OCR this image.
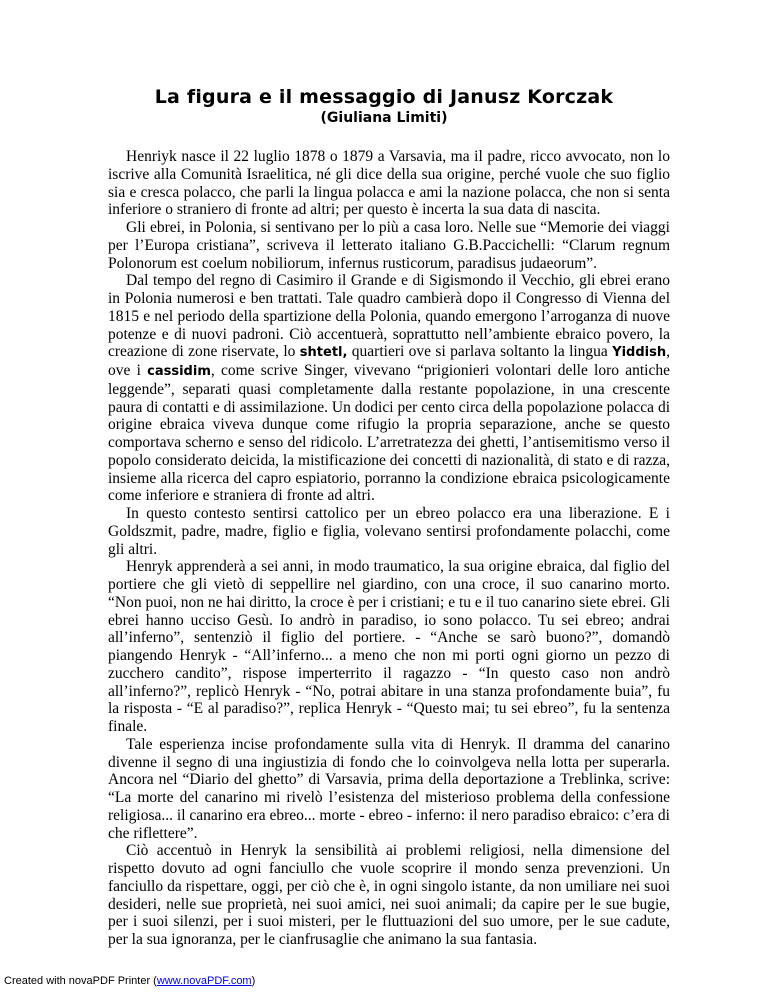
La figura e il messaggio di Janusz Korczak
(Giuliana Limiti)

Henriyk nasce il 22 luglio 1878 o 1879 a Varsavia, ma il padre, ricco avvocato, non lo iscrive alla Comunità Israelitica, né gli dice della sua origine, perché vuole che suo figlio sia e cresca polacco, che parli la lingua polacca e ami la nazione polacca, che non si senta inferiore o straniero di fronte ad altri; per questo è incerta la sua data di nascita.

Gli ebrei, in Polonia, si sentivano per lo più a casa loro. Nelle sue “Memorie dei viaggi per l’Europa cristiana”, scriveva il letterato italiano G.B.Paccichelli: “Clarum regnum Polonorum est coelum nobiliorum, infernus rusticorum, paradisus judaeorum”.

Dal tempo del regno di Casimiro il Grande e di Sigismondo il Vecchio, gli ebrei erano in Polonia numerosi e ben trattati. Tale quadro cambierà dopo il Congresso di Vienna del 1815 e nel periodo della spartizione della Polonia, quando emergono l’arroganza di nuove potenze e di nuovi padroni. Ciò accentuerà, soprattutto nell’ambiente ebraico povero, la creazione di zone riservate, lo shtetl, quartieri ove si parlava soltanto la lingua Yiddish, ove i cassidim, come scrive Singer, vivevano “prigionieri volontari delle loro antiche leggende”, separati quasi completamente dalla restante popolazione, in una crescente paura di contatti e di assimilazione. Un dodici per cento circa della popolazione polacca di origine ebraica viveva dunque come rifugio la propria separazione, anche se questo comportava scherno e senso del ridicolo. L’arretratezza dei ghetti, l’antisemitismo verso il popolo considerato deicida, la mistificazione dei concetti di nazionalità, di stato e di razza, insieme alla ricerca del capro espiatorio, porranno la condizione ebraica psicologicamente come inferiore e straniera di fronte ad altri.

In questo contesto sentirsi cattolico per un ebreo polacco era una liberazione. E i Goldszmit, padre, madre, figlio e figlia, volevano sentirsi profondamente polacchi, come gli altri.

Henryk apprenderà a sei anni, in modo traumatico, la sua origine ebraica, dal figlio del portiere che gli vietò di seppellire nel giardino, con una croce, il suo canarino morto. “Non puoi, non ne hai diritto, la croce è per i cristiani; e tu e il tuo canarino siete ebrei. Gli ebrei hanno ucciso Gesù. Io andrò in paradiso, io sono polacco. Tu sei ebreo; andrai all’inferno”, sentenziò il figlio del portiere. - “Anche se sarò buono?”, domandò piangendo Henryk - “All’inferno... a meno che non mi porti ogni giorno un pezzo di zucchero candito”, rispose imperterrito il ragazzo - “In questo caso non andrò all’inferno?”, replicò Henryk - “No, potrai abitare in una stanza profondamente buia”, fu la risposta - “E al paradiso?”, replica Henryk - “Questo mai; tu sei ebreo”, fu la sentenza finale.

Tale esperienza incise profondamente sulla vita di Henryk. Il dramma del canarino divenne il segno di una ingiustizia di fondo che lo coinvolgeva nella lotta per superarla. Ancora nel “Diario del ghetto” di Varsavia, prima della deportazione a Treblinka, scrive: “La morte del canarino mi rivelò l’esistenza del misterioso problema della confessione religiosa... il canarino era ebreo... morte - ebreo - inferno: il nero paradiso ebraico: c’era di che riflettere”.

Ciò accentuò in Henryk la sensibilità ai problemi religiosi, nella dimensione del rispetto dovuto ad ogni fanciullo che vuole scoprire il mondo senza prevenzioni. Un fanciullo da rispettare, oggi, per ciò che è, in ogni singolo istante, da non umiliare nei suoi desideri, nelle sue proprietà, nei suoi amici, nei suoi animali; da capire per le sue bugie, per i suoi silenzi, per i suoi misteri, per le fluttuazioni del suo umore, per le sue cadute, per la sua ignoranza, per le cianfrusaglie che animano la sua fantasia.

Created with novaPDF Printer (www.novaPDF.com)
